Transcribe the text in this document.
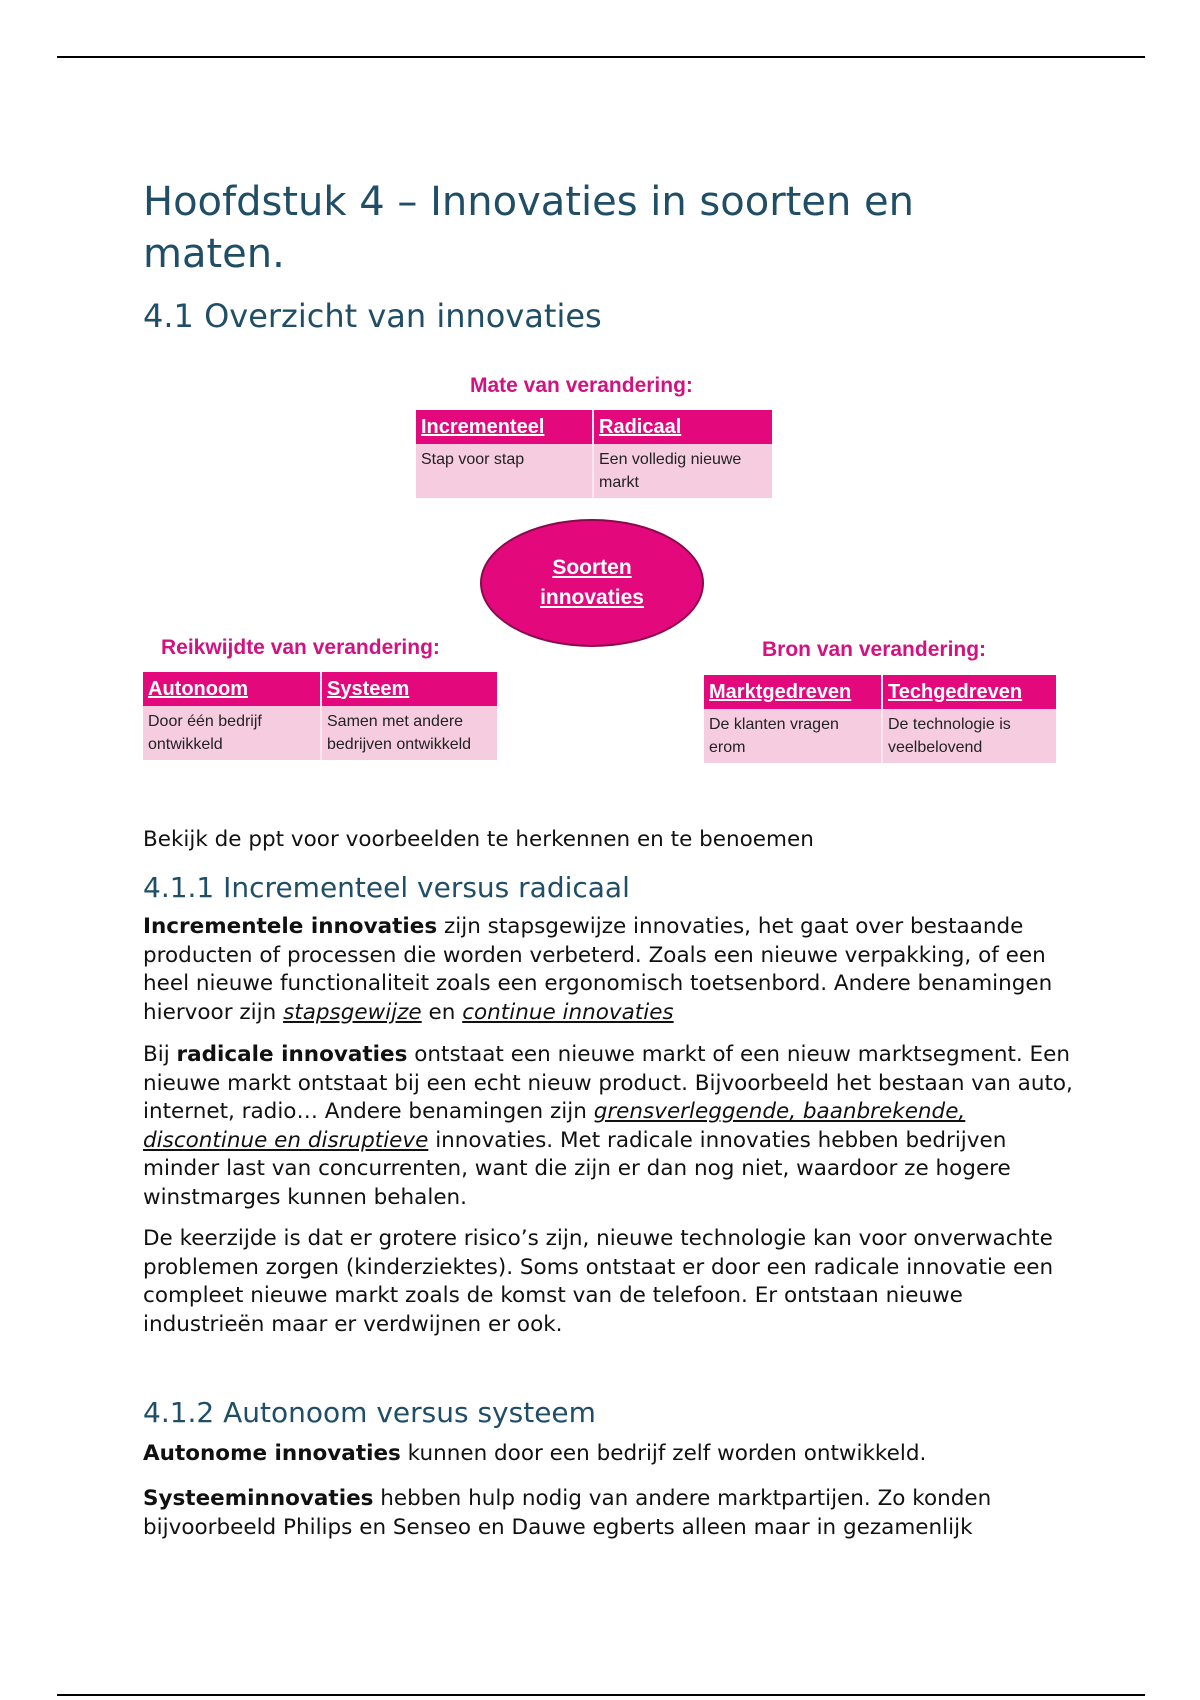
Hoofdstuk 4 – Innovaties in soorten en maten.
4.1 Overzicht van innovaties
Mate van verandering:
Incrementeel	Radicaal
Stap voor stap	Een volledig nieuwe markt
Soorten innovaties
Reikwijdte van verandering:
Autonoom	Systeem
Door één bedrijf ontwikkeld	Samen met andere bedrijven ontwikkeld
Bron van verandering:
Marktgedreven	Techgedreven
De klanten vragen erom	De technologie is veelbelovend

Bekijk de ppt voor voorbeelden te herkennen en te benoemen

4.1.1 Incrementeel versus radicaal

Incrementele innovaties zijn stapsgewijze innovaties, het gaat over bestaande producten of processen die worden verbeterd. Zoals een nieuwe verpakking, of een heel nieuwe functionaliteit zoals een ergonomisch toetsenbord. Andere benamingen hiervoor zijn stapsgewijze en continue innovaties

Bij radicale innovaties ontstaat een nieuwe markt of een nieuw marktsegment. Een nieuwe markt ontstaat bij een echt nieuw product. Bijvoorbeeld het bestaan van auto, internet, radio… Andere benamingen zijn grensverleggende, baanbrekende, discontinue en disruptieve innovaties. Met radicale innovaties hebben bedrijven minder last van concurrenten, want die zijn er dan nog niet, waardoor ze hogere winstmarges kunnen behalen.

De keerzijde is dat er grotere risico’s zijn, nieuwe technologie kan voor onverwachte problemen zorgen (kinderziektes). Soms ontstaat er door een radicale innovatie een compleet nieuwe markt zoals de komst van de telefoon. Er ontstaan nieuwe industrieën maar er verdwijnen er ook.

4.1.2 Autonoom versus systeem

Autonome innovaties kunnen door een bedrijf zelf worden ontwikkeld.

Systeeminnovaties hebben hulp nodig van andere marktpartijen. Zo konden bijvoorbeeld Philips en Senseo en Dauwe egberts alleen maar in gezamenlijk
